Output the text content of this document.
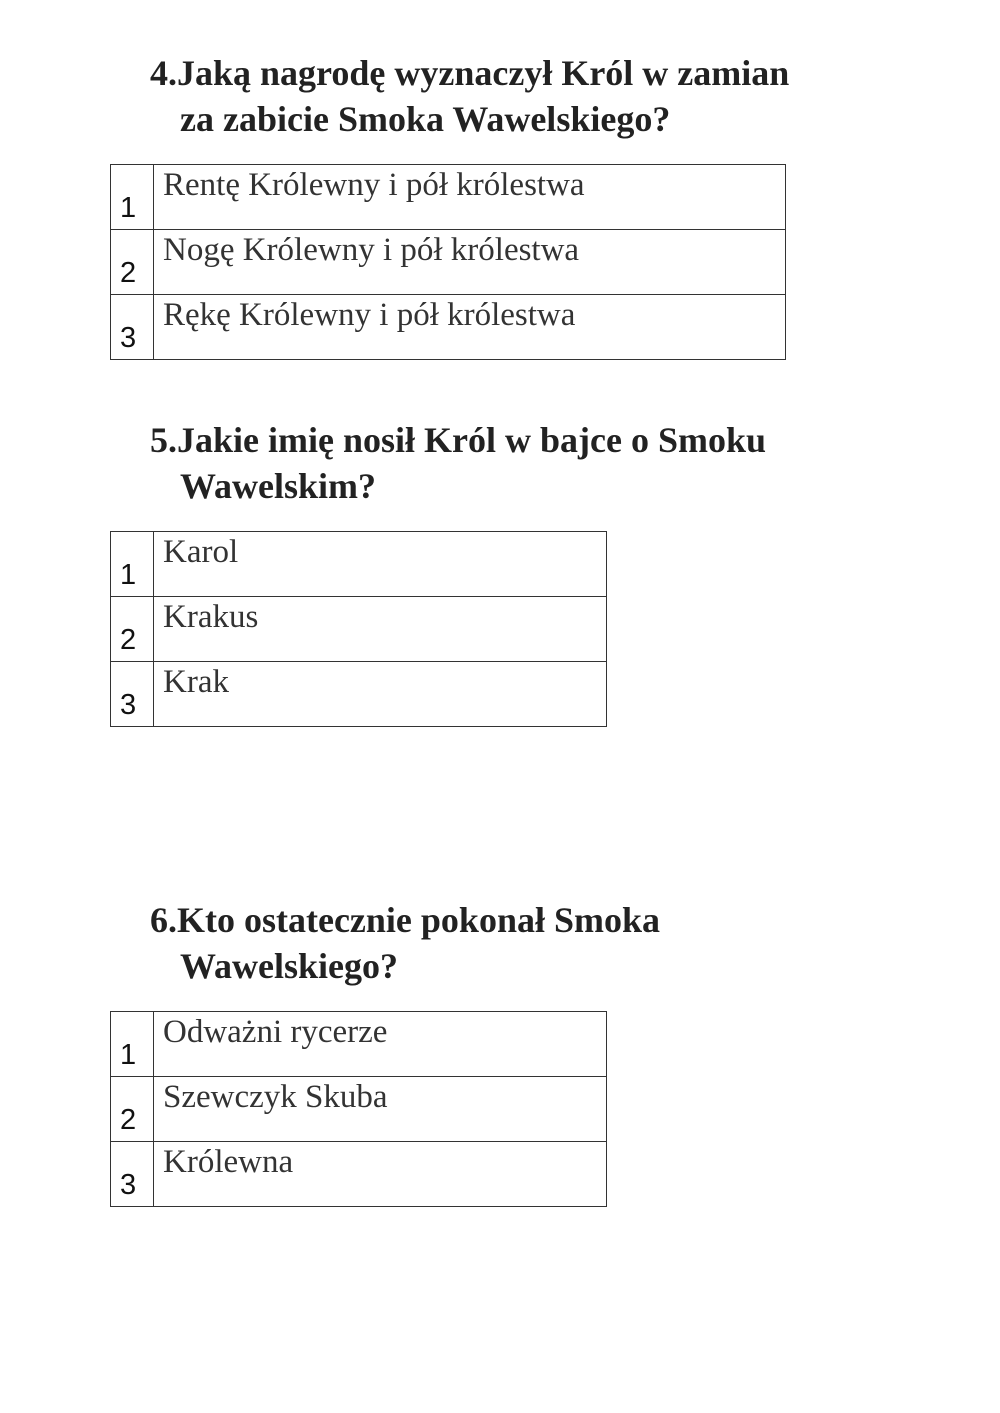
4.Jaką nagrodę wyznaczył Król w zamian
za zabicie Smoka Wawelskiego?
1	Rentę Królewny i pół królestwa
2	Nogę Królewny i pół królestwa
3	Rękę Królewny i pół królestwa
5.Jakie imię nosił Król w bajce o Smoku
Wawelskim?
1	Karol
2	Krakus
3	Krak
6.Kto ostatecznie pokonał Smoka
Wawelskiego?
1	Odważni rycerze
2	Szewczyk Skuba
3	Królewna
